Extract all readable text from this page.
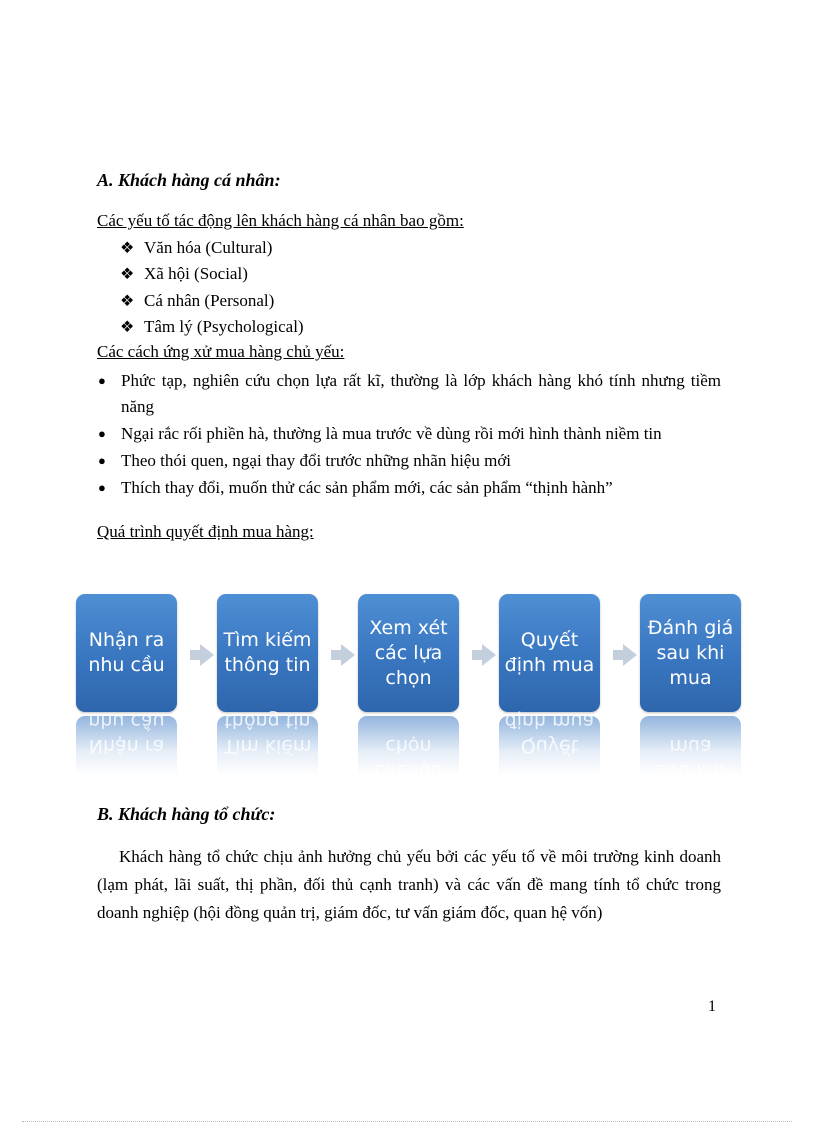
A. Khách hàng cá nhân:

Các yếu tố tác động lên khách hàng cá nhân bao gồm:

❖ Văn hóa (Cultural)
❖ Xã hội (Social)
❖ Cá nhân (Personal)
❖ Tâm lý (Psychological)

Các cách ứng xử mua hàng chủ yếu:

● Phức tạp, nghiên cứu chọn lựa rất kĩ, thường là lớp khách hàng khó tính nhưng tiềm năng
● Ngại rắc rối phiền hà, thường là mua trước về dùng rồi mới hình thành niềm tin
● Theo thói quen, ngại thay đổi trước những nhãn hiệu mới
● Thích thay đổi, muốn thử các sản phẩm mới, các sản phẩm “thịnh hành”

Quá trình quyết định mua hàng:

Nhận ra nhu cầu
Nhận ra nhu cầu
Tìm kiếm thông tin
Tìm kiếm thông tin
Xem xét các lựa chọn
Xem xét các lựa chọn
Quyết định mua
Quyết định mua
Đánh giá sau khi mua
Đánh giá sau khi mua
B. Khách hàng tổ chức:

Khách hàng tổ chức chịu ảnh hưởng chủ yếu bởi các yếu tố về môi trường kinh doanh (lạm phát, lãi suất, thị phần, đối thủ cạnh tranh) và các vấn đề mang tính tổ chức trong doanh nghiệp (hội đồng quản trị, giám đốc, tư vấn giám đốc, quan hệ vốn)

1
